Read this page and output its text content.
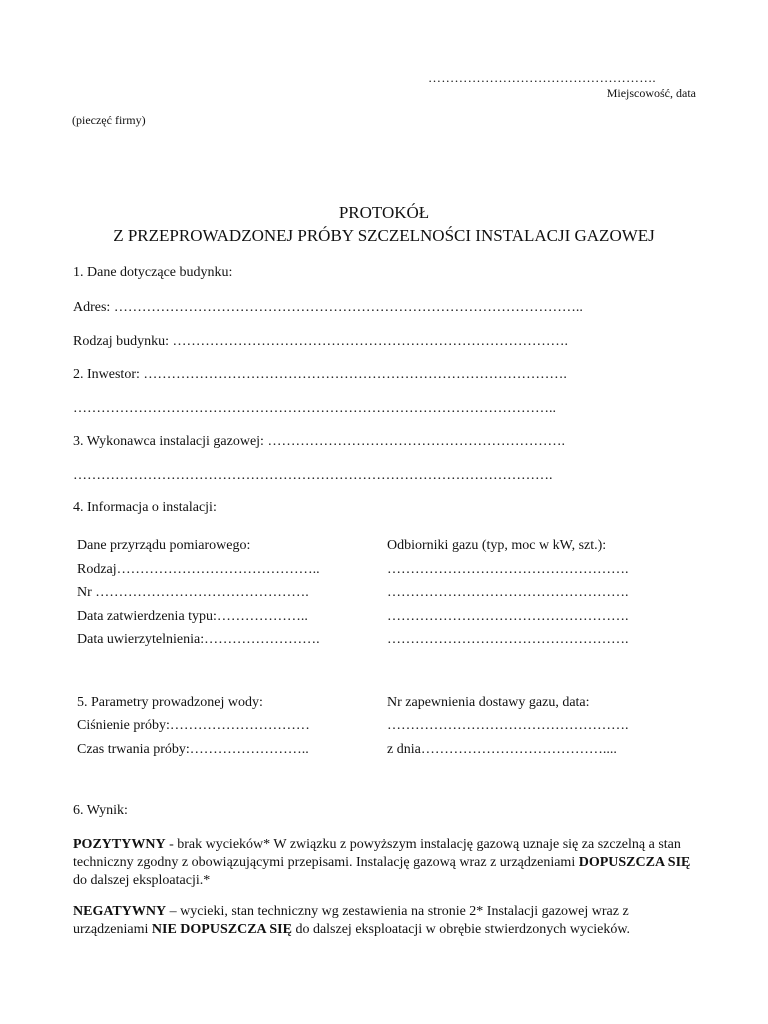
…………………………………………….
Miejscowość, data
(pieczęć firmy)
PROTOKÓŁ
Z PRZEPROWADZONEJ PRÓBY SZCZELNOŚCI INSTALACJI GAZOWEJ
1. Dane dotyczące budynku:
Adres: ………………………………………………………………………………………..
Rodzaj budynku: ………………………………………………………………………….
2. Inwestor: ……………………………………………………………………………….
…………………………………………………………………………………………..
3. Wykonawca instalacji gazowej: ……………………………………………………….
………………………………………………………………………………………….
4. Informacja o instalacji:
Dane przyrządu pomiarowego:	Odbiorniki gazu (typ, moc w kW, szt.):
Rodzaj……………………………………..
Nr ……………………………………….
Data zatwierdzenia typu:………………..
Data uwierzytelnienia:…………………….
…………………………………………….
…………………………………………….
…………………………………………….
…………………………………………….
5. Parametry prowadzonej wody:	Nr zapewnienia dostawy gazu, data:
Ciśnienie próby:…………………………
Czas trwania próby:……………………..
…………………………………………….
z dnia…………………………………....
6. Wynik:
POZYTYWNY - brak wycieków* W związku z powyższym instalację gazową uznaje się za szczelną a stan techniczny zgodny z obowiązującymi przepisami. Instalację gazową wraz z urządzeniami DOPUSZCZA SIĘ do dalszej eksploatacji.*
NEGATYWNY – wycieki, stan techniczny wg zestawienia na stronie 2* Instalacji gazowej wraz z urządzeniami NIE DOPUSZCZA SIĘ do dalszej eksploatacji w obrębie stwierdzonych wycieków.
